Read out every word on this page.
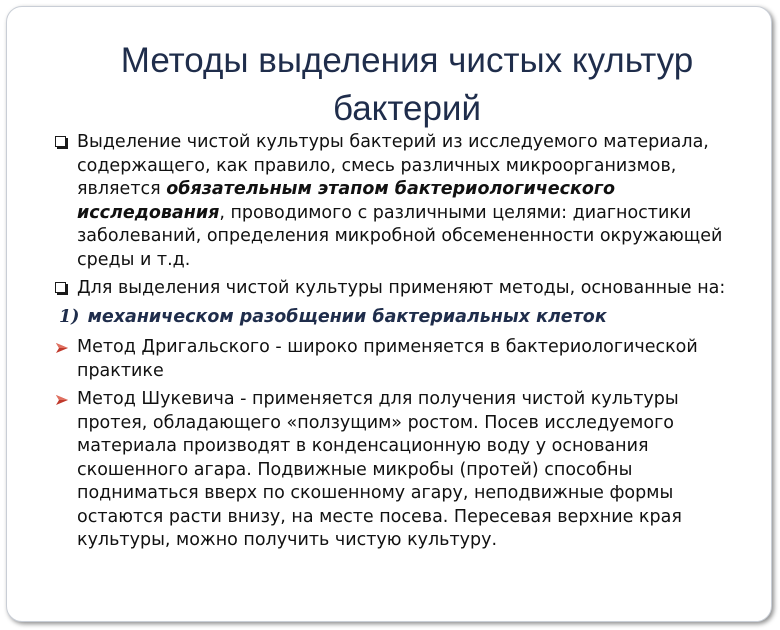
Методы выделения чистых культур бактерий
Выделение чистой культуры бактерий из исследуемого материала, содержащего, как правило, смесь различных микроорганизмов, является обязательным этапом бактериологического исследования, проводимого с различными целями: диагностики заболеваний, определения микробной обсемененности окружающей среды и т.д.
Для выделения чистой культуры применяют методы, основанные на:
1) механическом разобщении бактериальных клеток
Метод Дригальского - широко применяется в бактериологической практике
Метод Шукевича - применяется для получения чистой культуры протея, обладающего «ползущим» ростом. Посев исследуемого материала производят в конденсационную воду у основания скошенного агара. Подвижные микробы (протей) способны подниматься вверх по скошенному агару, неподвижные формы остаются расти внизу, на месте посева. Пересевая верхние края культуры, можно получить чистую культуру.
